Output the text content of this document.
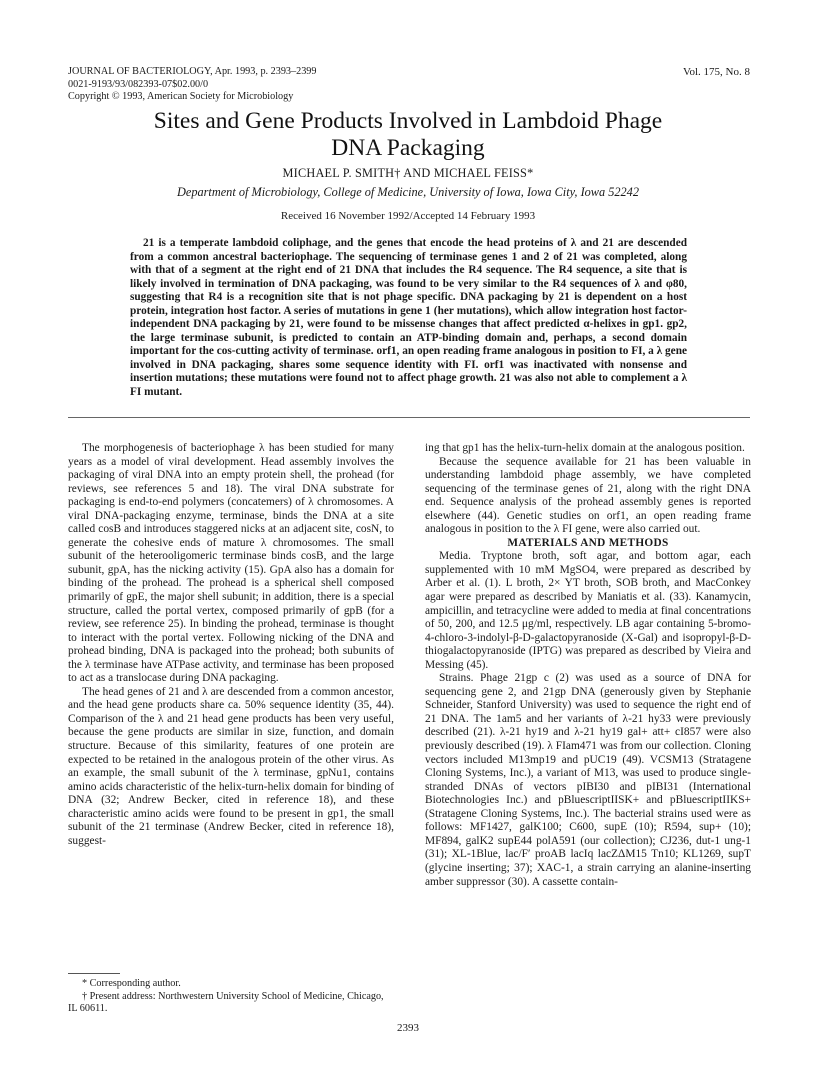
JOURNAL OF BACTERIOLOGY, Apr. 1993, p. 2393–2399
0021-9193/93/082393-07$02.00/0
Copyright © 1993, American Society for Microbiology
Vol. 175, No. 8
Sites and Gene Products Involved in Lambdoid Phage
DNA Packaging
MICHAEL P. SMITH† AND MICHAEL FEISS*
Department of Microbiology, College of Medicine, University of Iowa, Iowa City, Iowa 52242
Received 16 November 1992/Accepted 14 February 1993
21 is a temperate lambdoid coliphage, and the genes that encode the head proteins of λ and 21 are descended from a common ancestral bacteriophage. The sequencing of terminase genes 1 and 2 of 21 was completed, along with that of a segment at the right end of 21 DNA that includes the R4 sequence. The R4 sequence, a site that is likely involved in termination of DNA packaging, was found to be very similar to the R4 sequences of λ and φ80, suggesting that R4 is a recognition site that is not phage specific. DNA packaging by 21 is dependent on a host protein, integration host factor. A series of mutations in gene 1 (her mutations), which allow integration host factor-independent DNA packaging by 21, were found to be missense changes that affect predicted α-helixes in gp1. gp2, the large terminase subunit, is predicted to contain an ATP-binding domain and, perhaps, a second domain important for the cos-cutting activity of terminase. orf1, an open reading frame analogous in position to FI, a λ gene involved in DNA packaging, shares some sequence identity with FI. orf1 was inactivated with nonsense and insertion mutations; these mutations were found not to affect phage growth. 21 was also not able to complement a λ FI mutant.

The morphogenesis of bacteriophage λ has been studied for many years as a model of viral development. Head assembly involves the packaging of viral DNA into an empty protein shell, the prohead (for reviews, see references 5 and 18). The viral DNA substrate for packaging is end-to-end polymers (concatemers) of λ chromosomes. A viral DNA-packaging enzyme, terminase, binds the DNA at a site called cosB and introduces staggered nicks at an adjacent site, cosN, to generate the cohesive ends of mature λ chromosomes. The small subunit of the heterooligomeric terminase binds cosB, and the large subunit, gpA, has the nicking activity (15). GpA also has a domain for binding of the prohead. The prohead is a spherical shell composed primarily of gpE, the major shell subunit; in addition, there is a special structure, called the portal vertex, composed primarily of gpB (for a review, see reference 25). In binding the prohead, terminase is thought to interact with the portal vertex. Following nicking of the DNA and prohead binding, DNA is packaged into the prohead; both subunits of the λ terminase have ATPase activity, and terminase has been proposed to act as a translocase during DNA packaging.

The head genes of 21 and λ are descended from a common ancestor, and the head gene products share ca. 50% sequence identity (35, 44). Comparison of the λ and 21 head gene products has been very useful, because the gene products are similar in size, function, and domain structure. Because of this similarity, features of one protein are expected to be retained in the analogous protein of the other virus. As an example, the small subunit of the λ terminase, gpNu1, contains amino acids characteristic of the helix-turn-helix domain for binding of DNA (32; Andrew Becker, cited in reference 18), and these characteristic amino acids were found to be present in gp1, the small subunit of the 21 terminase (Andrew Becker, cited in reference 18), suggest-

ing that gp1 has the helix-turn-helix domain at the analogous position.

Because the sequence available for 21 has been valuable in understanding lambdoid phage assembly, we have completed sequencing of the terminase genes of 21, along with the right DNA end. Sequence analysis of the prohead assembly genes is reported elsewhere (44). Genetic studies on orf1, an open reading frame analogous in position to the λ FI gene, were also carried out.

MATERIALS AND METHODS

Media. Tryptone broth, soft agar, and bottom agar, each supplemented with 10 mM MgSO4, were prepared as described by Arber et al. (1). L broth, 2× YT broth, SOB broth, and MacConkey agar were prepared as described by Maniatis et al. (33). Kanamycin, ampicillin, and tetracycline were added to media at final concentrations of 50, 200, and 12.5 μg/ml, respectively. LB agar containing 5-bromo-4-chloro-3-indolyl-β-D-galactopyranoside (X-Gal) and isopropyl-β-D-thiogalactopyranoside (IPTG) was prepared as described by Vieira and Messing (45).

Strains. Phage 21gp c (2) was used as a source of DNA for sequencing gene 2, and 21gp DNA (generously given by Stephanie Schneider, Stanford University) was used to sequence the right end of 21 DNA. The 1am5 and her variants of λ-21 hy33 were previously described (21). λ-21 hy19 and λ-21 hy19 gal+ att+ cI857 were also previously described (19). λ FIam471 was from our collection. Cloning vectors included M13mp19 and pUC19 (49). VCSM13 (Stratagene Cloning Systems, Inc.), a variant of M13, was used to produce single-stranded DNAs of vectors pIBI30 and pIBI31 (International Biotechnologies Inc.) and pBluescriptIISK+ and pBluescriptIIKS+ (Stratagene Cloning Systems, Inc.). The bacterial strains used were as follows: MF1427, galK100; C600, supE (10); R594, sup+ (10); MF894, galK2 supE44 polA591 (our collection); CJ236, dut-1 ung-1 (31); XL-1Blue, lac/F′ proAB lacIq lacZΔM15 Tn10; KL1269, supT (glycine inserting; 37); XAC-1, a strain carrying an alanine-inserting amber suppressor (30). A cassette contain-

* Corresponding author.

† Present address: Northwestern University School of Medicine, Chicago, IL 60611.

2393
